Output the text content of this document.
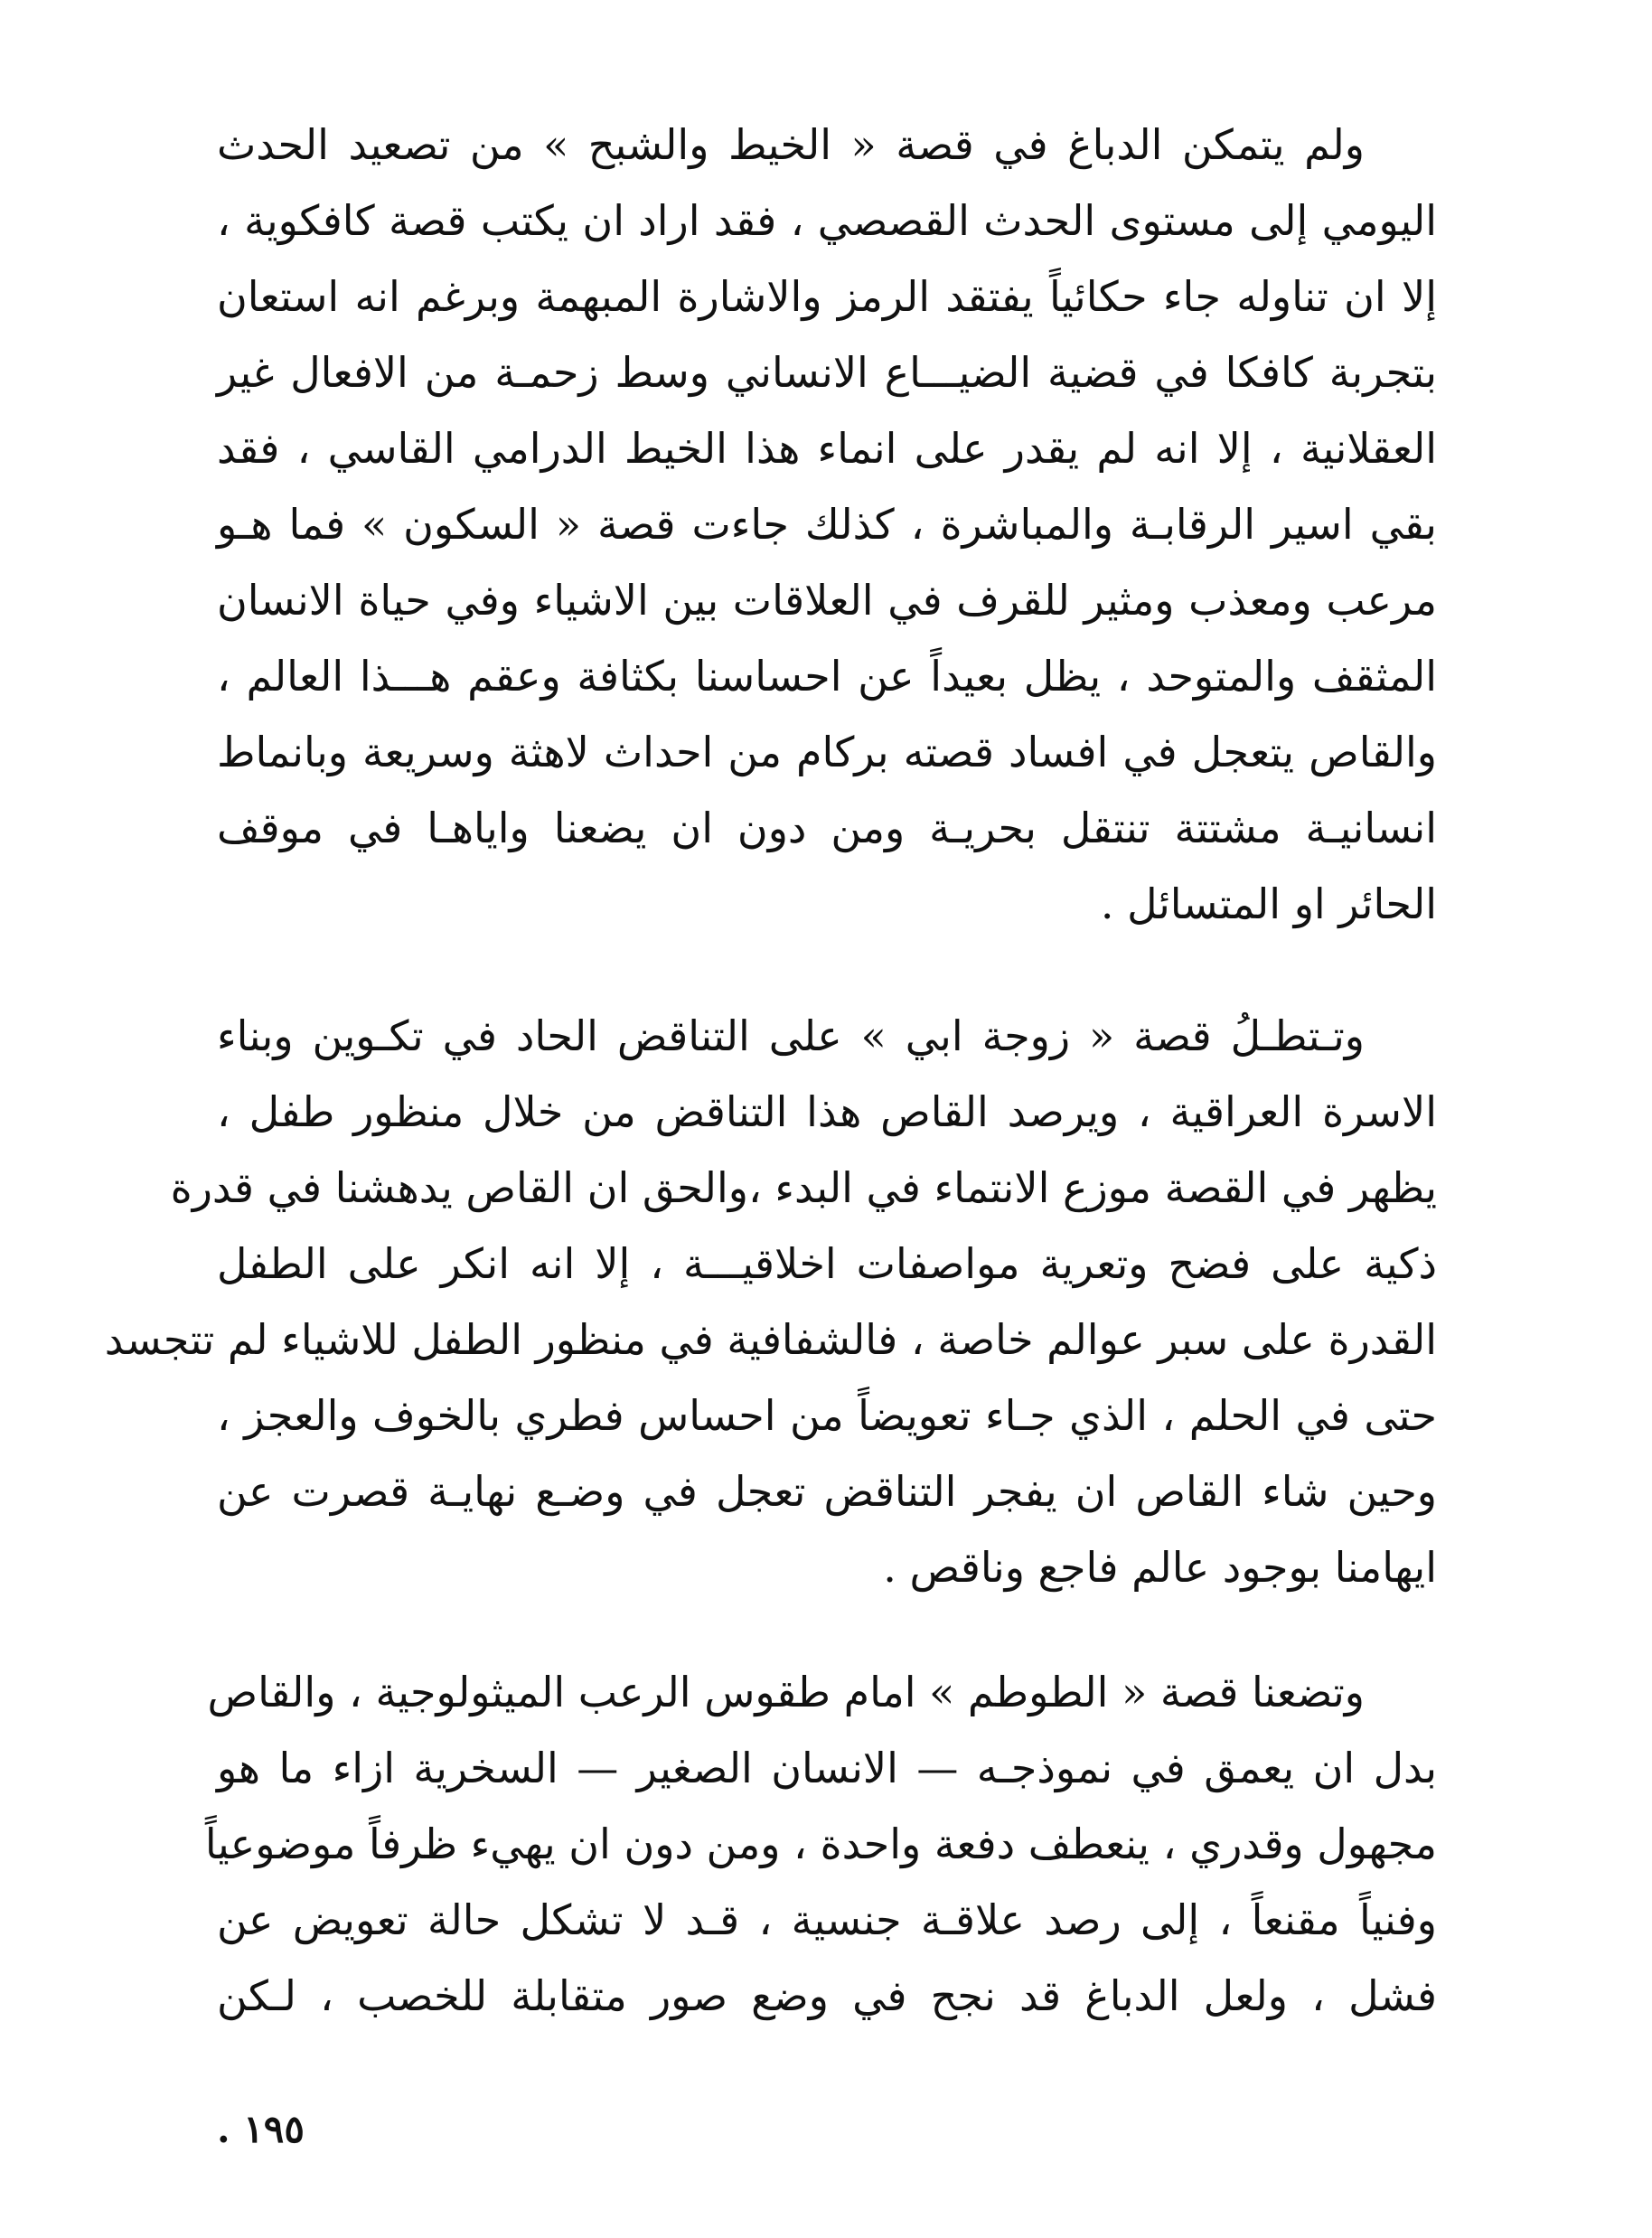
ولم يتمكن الدباغ في قصة « الخيط والشبح » من تصعيد الحدث
اليومي إلى مستوى الحدث القصصي ، فقد اراد ان يكتب قصة كافكوية ،
إلا ان تناوله جاء حكائياً يفتقد الرمز والاشارة المبهمة وبرغم انه استعان
بتجربة كافكا في قضية الضيـــاع الانساني وسط زحمـة من الافعال غير
العقلانية ، إلا انه لم يقدر على انماء هذا الخيط الدرامي القاسي ، فقد
بقي اسير الرقابـة والمباشرة ، كذلك جاءت قصة « السكون » فما هـو
مرعب ومعذب ومثير للقرف في العلاقات بين الاشياء وفي حياة الانسان
المثقف والمتوحد ، يظل بعيداً عن احساسنا بكثافة وعقم هـــذا العالم ،
والقاص يتعجل في افساد قصته بركام من احداث لاهثة وسريعة وبانماط
انسانيـة مشتتة تنتقل بحريـة ومن دون ان يضعنا واياهـا في موقف
الحائر او المتسائل .
وتـتطـلُ قصة « زوجة ابي » على التناقض الحاد في تكـوين وبناء
الاسرة العراقية ، ويرصد القاص هذا التناقض من خلال منظور طفل ،
يظهر في القصة موزع الانتماء في البدء ،والحق ان القاص يدهشنا في قدرة
ذكية على فضح وتعرية مواصفات اخلاقيـــة ، إلا انه انكر على الطفل
القدرة على سبر عوالم خاصة ، فالشفافية في منظور الطفل للاشياء لم تتجسد
حتى في الحلم ، الذي جـاء تعويضاً من احساس فطري بالخوف والعجز ،
وحين شاء القاص ان يفجر التناقض تعجل في وضـع نهايـة قصرت عن
ايهامنا بوجود عالم فاجع وناقص .
وتضعنا قصة « الطوطم » امام طقوس الرعب الميثولوجية ، والقاص
بدل ان يعمق في نموذجـه — الانسان الصغير — السخرية ازاء ما هو
مجهول وقدري ، ينعطف دفعة واحدة ، ومن دون ان يهيء ظرفاً موضوعياً
وفنياً مقنعاً ، إلى رصد علاقـة جنسية ، قـد لا تشكل حالة تعويض عن
فشل ، ولعل الدباغ قد نجح في وضع صور متقابلة للخصب ، لـكن
١٩٥ .
